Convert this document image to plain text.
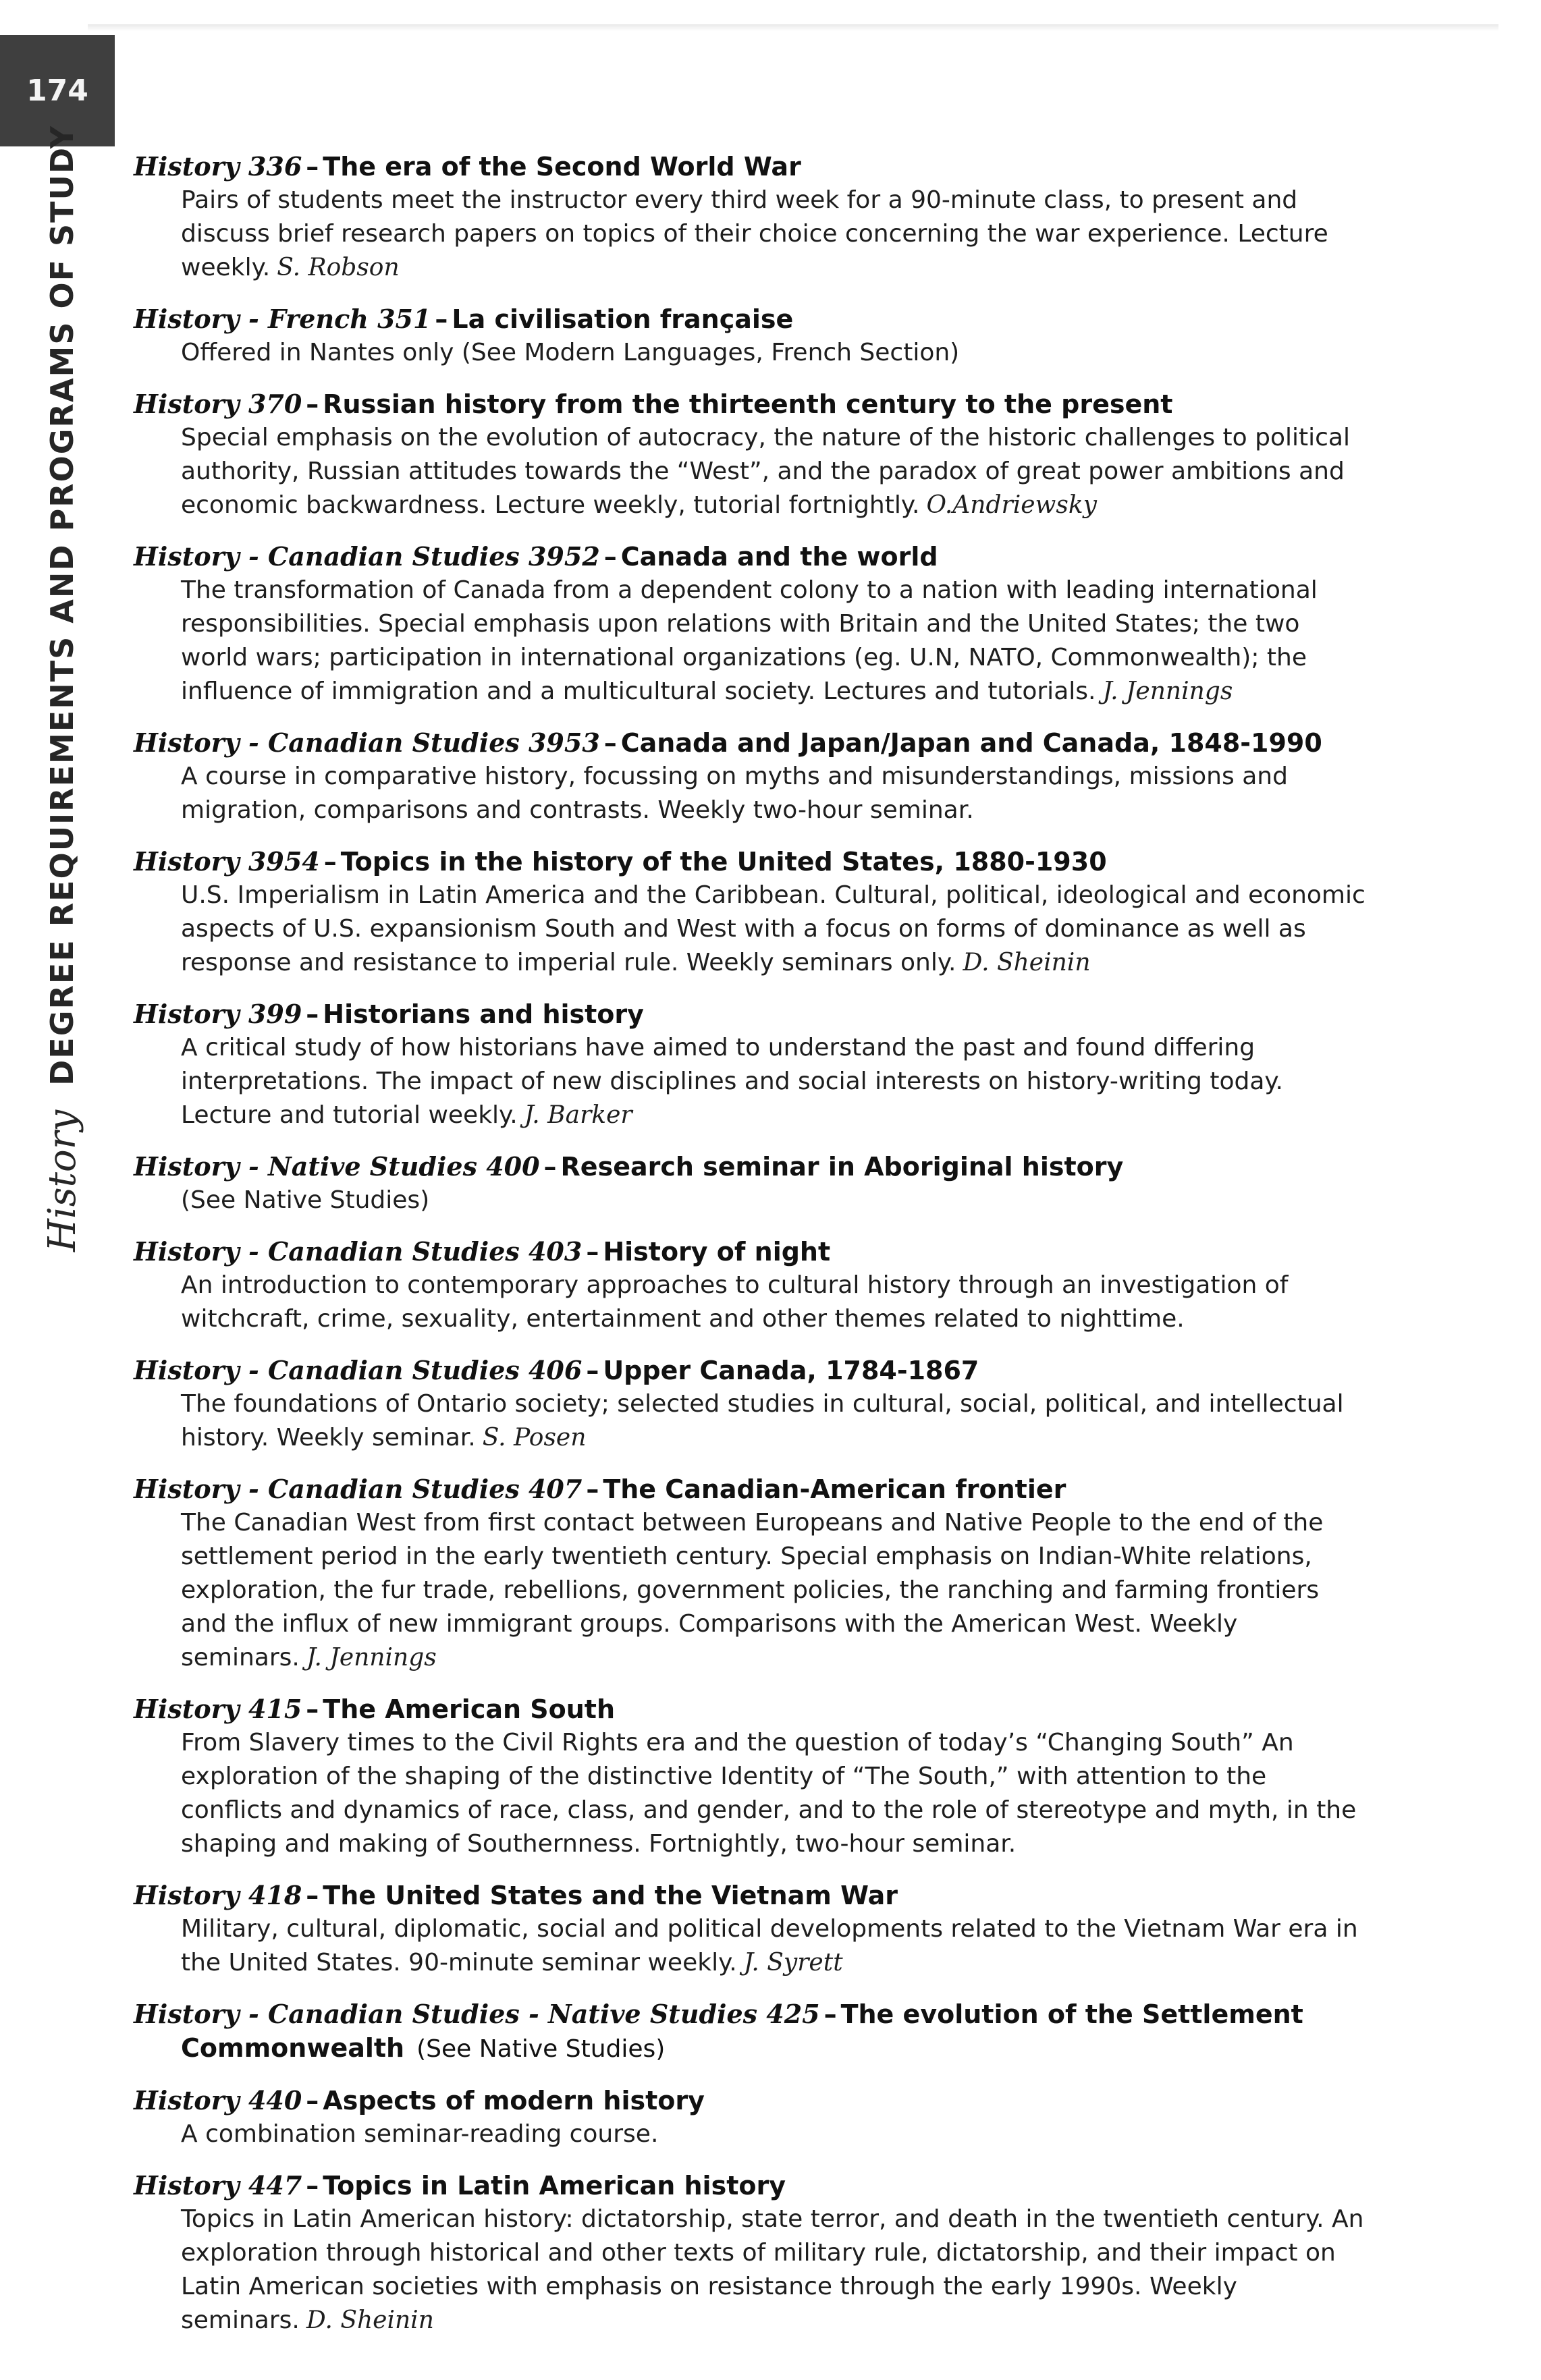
174
History
DEGREE REQUIREMENTS AND PROGRAMS OF STUDY History 336 – The era of the Second World War
Pairs of students meet the instructor every third week for a 90-minute class, to present and discuss brief research papers on topics of their choice concerning the war experience. Lecture weekly. S. Robson
History - French 351 – La civilisation française
Offered in Nantes only (See Modern Languages, French Section)
History 370 – Russian history from the thirteenth century to the present
Special emphasis on the evolution of autocracy, the nature of the historic challenges to political authority, Russian attitudes towards the “West”, and the paradox of great power ambitions and economic backwardness. Lecture weekly, tutorial fortnightly. O.Andriewsky
History - Canadian Studies 3952 – Canada and the world
The transformation of Canada from a dependent colony to a nation with leading international responsibilities. Special emphasis upon relations with Britain and the United States; the two world wars; participation in international organizations (eg. U.N, NATO, Commonwealth); the influence of immigration and a multicultural society. Lectures and tutorials. J. Jennings
History - Canadian Studies 3953 – Canada and Japan/Japan and Canada, 1848-1990
A course in comparative history, focussing on myths and misunderstandings, missions and migration, comparisons and contrasts. Weekly two-hour seminar.
History 3954 – Topics in the history of the United States, 1880-1930
U.S. Imperialism in Latin America and the Caribbean. Cultural, political, ideological and economic aspects of U.S. expansionism South and West with a focus on forms of dominance as well as response and resistance to imperial rule. Weekly seminars only. D. Sheinin
History 399 – Historians and history
A critical study of how historians have aimed to understand the past and found differing interpretations. The impact of new disciplines and social interests on history-writing today. Lecture and tutorial weekly. J. Barker
History - Native Studies 400 – Research seminar in Aboriginal history
(See Native Studies)
History - Canadian Studies 403 – History of night
An introduction to contemporary approaches to cultural history through an investigation of witchcraft, crime, sexuality, entertainment and other themes related to nighttime.
History - Canadian Studies 406 – Upper Canada, 1784-1867
The foundations of Ontario society; selected studies in cultural, social, political, and intellectual history. Weekly seminar. S. Posen
History - Canadian Studies 407 – The Canadian-American frontier
The Canadian West from first contact between Europeans and Native People to the end of the settlement period in the early twentieth century. Special emphasis on Indian-White relations, exploration, the fur trade, rebellions, government policies, the ranching and farming frontiers and the influx of new immigrant groups. Comparisons with the American West. Weekly seminars. J. Jennings
History 415 – The American South
From Slavery times to the Civil Rights era and the question of today’s “Changing South” An exploration of the shaping of the distinctive Identity of “The South,” with attention to the conflicts and dynamics of race, class, and gender, and to the role of stereotype and myth, in the shaping and making of Southernness. Fortnightly, two-hour seminar.
History 418 – The United States and the Vietnam War
Military, cultural, diplomatic, social and political developments related to the Vietnam War era in the United States. 90-minute seminar weekly. J. Syrett
History - Canadian Studies - Native Studies 425 – The evolution of the Settlement
Commonwealth (See Native Studies)
History 440 – Aspects of modern history
A combination seminar-reading course.
History 447 – Topics in Latin American history
Topics in Latin American history: dictatorship, state terror, and death in the twentieth century. An exploration through historical and other texts of military rule, dictatorship, and their impact on Latin American societies with emphasis on resistance through the early 1990s. Weekly seminars. D. Sheinin
